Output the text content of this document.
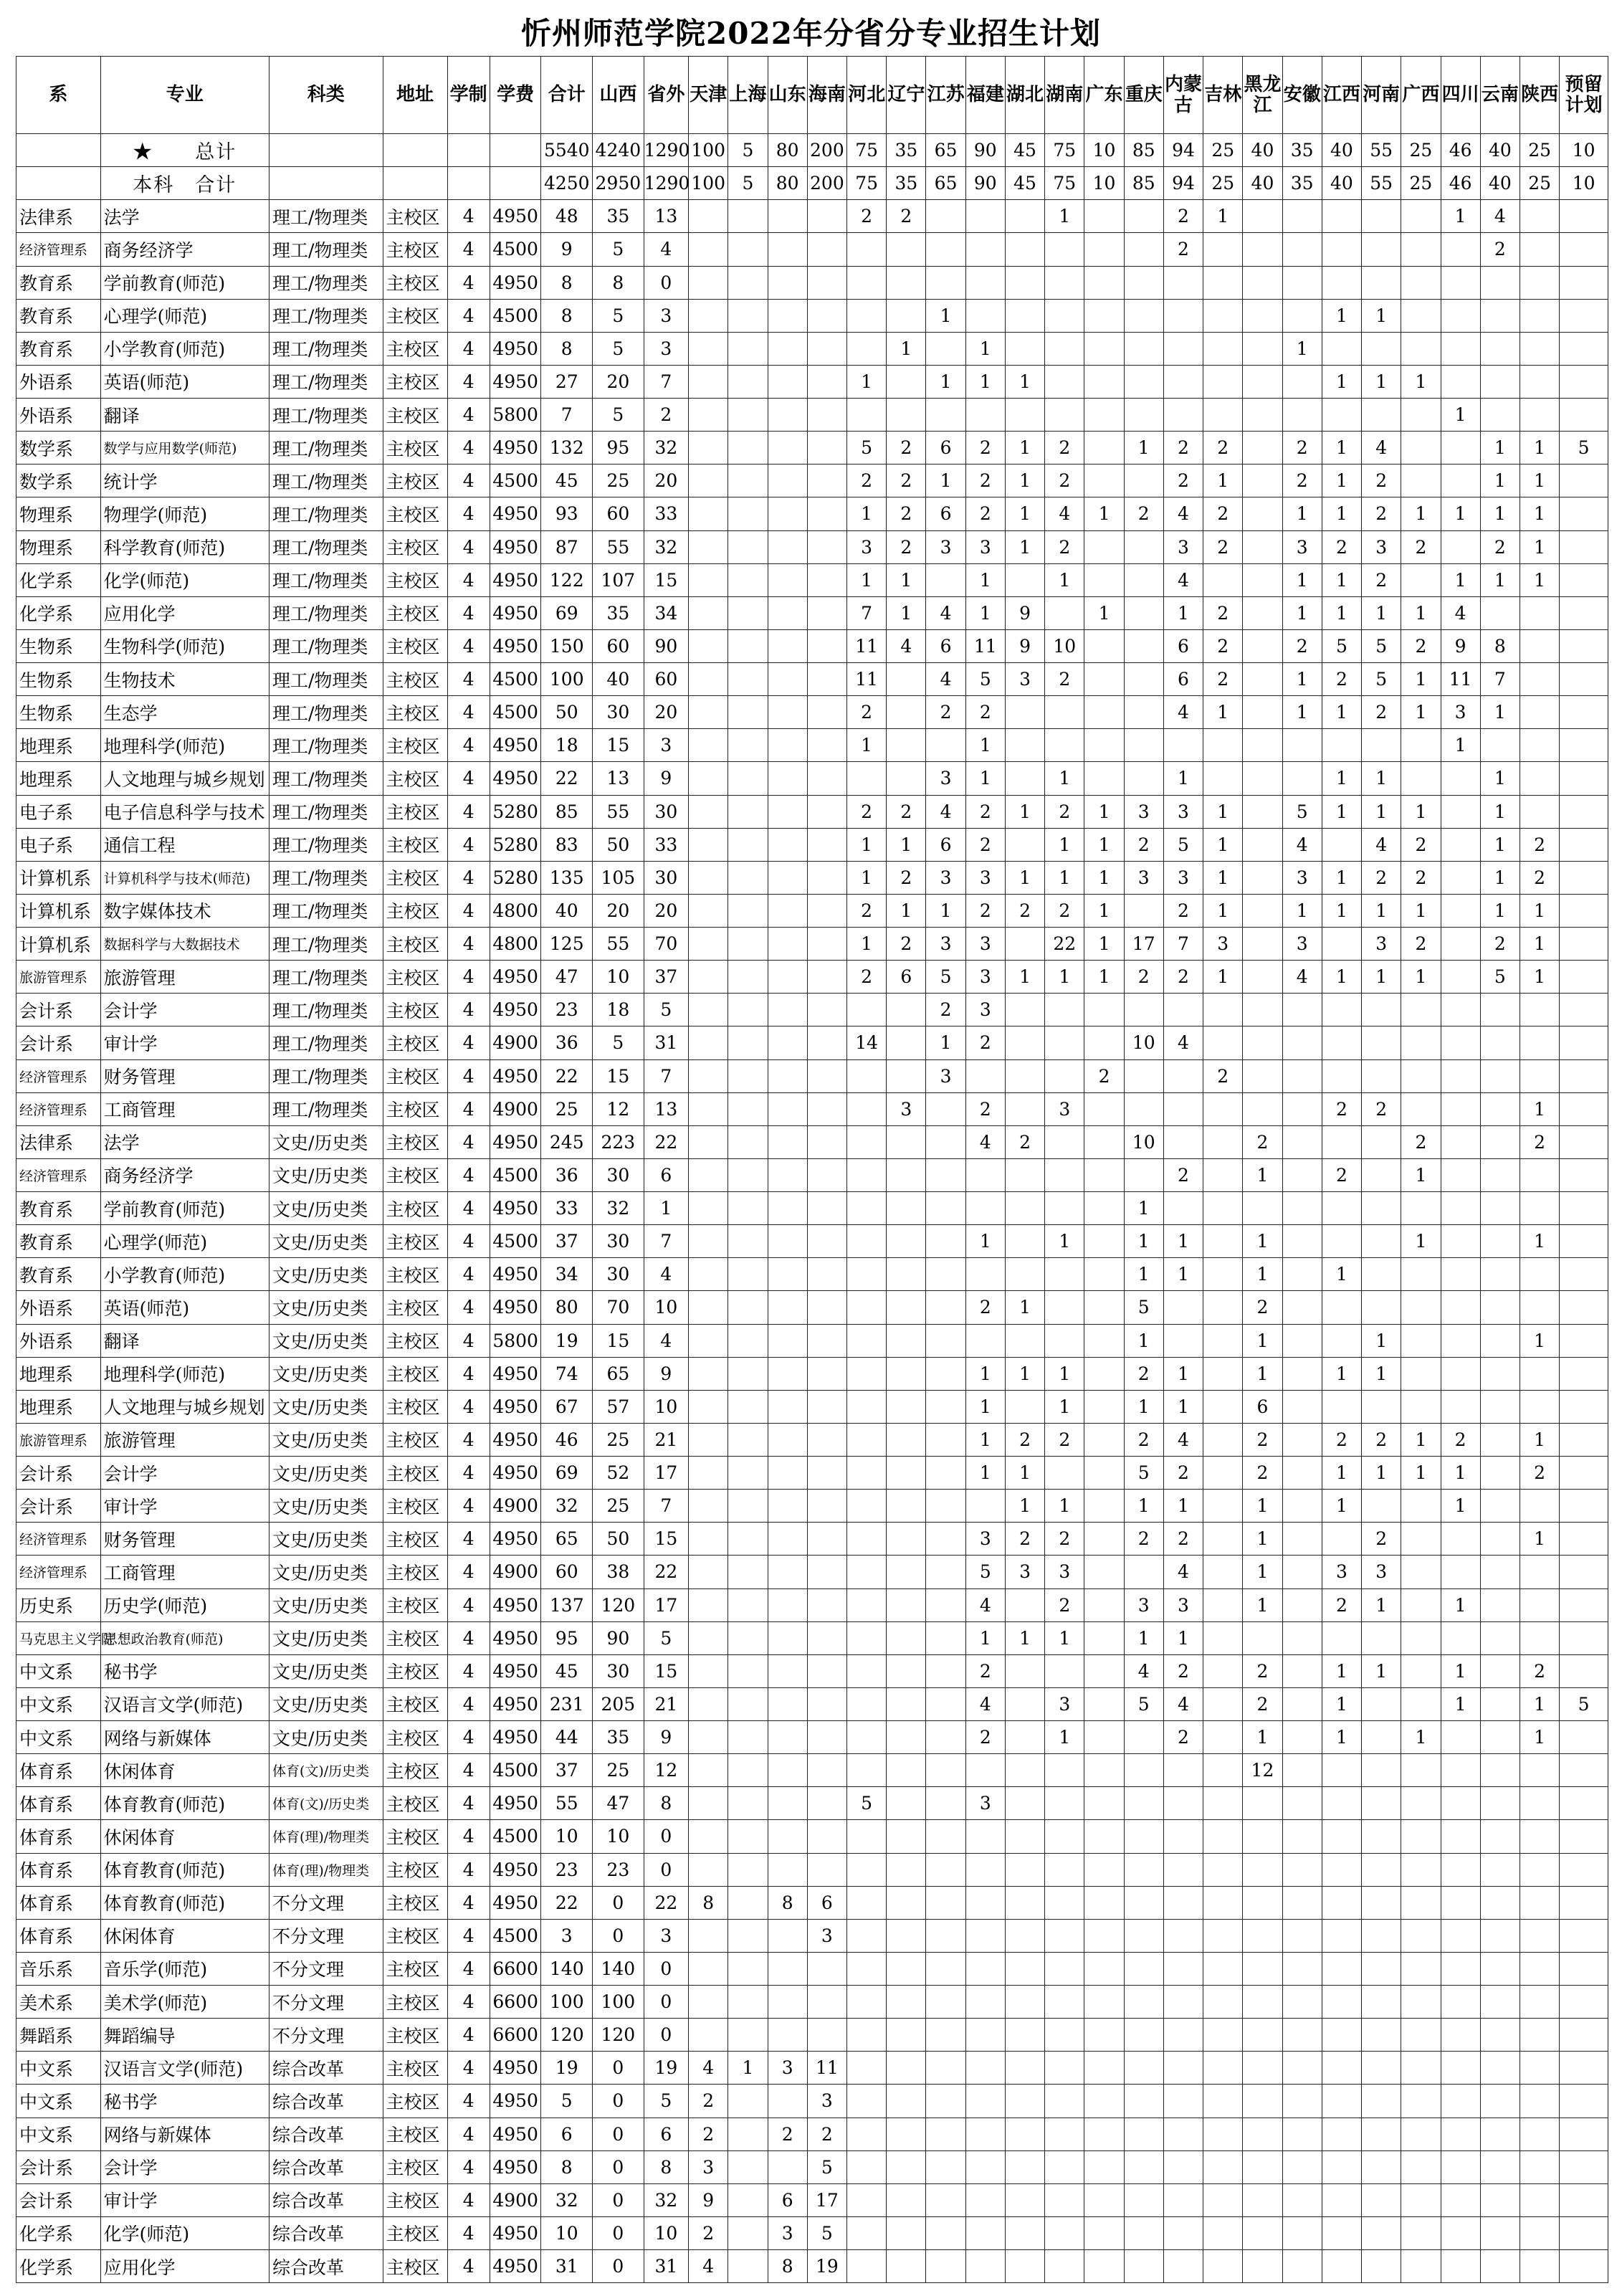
忻州师范学院2022年分省分专业招生计划
系	专业	科类	地址	学制	学费	合计	山西	省外	天津	上海	山东	海南	河北	辽宁	江苏	福建	湖北	湖南	广东	重庆	内蒙古	吉林	黑龙江	安徽	江西	河南	广西	四川	云南	陕西	预留计划
	★　　总计					5540	4240	1290	100	5	80	200	75	35	65	90	45	75	10	85	94	25	40	35	40	55	25	46	40	25	10
	本科　合计					4250	2950	1290	100	5	80	200	75	35	65	90	45	75	10	85	94	25	40	35	40	55	25	46	40	25	10
法律系	法学	理工/物理类	主校区	4	4950	48	35	13					2	2				1			2	1						1	4		
经济管理系	商务经济学	理工/物理类	主校区	4	4500	9	5	4													2								2		
教育系	学前教育(师范)	理工/物理类	主校区	4	4950	8	8	0																							
教育系	心理学(师范)	理工/物理类	主校区	4	4500	8	5	3							1										1	1					
教育系	小学教育(师范)	理工/物理类	主校区	4	4950	8	5	3						1		1								1							
外语系	英语(师范)	理工/物理类	主校区	4	4950	27	20	7					1		1	1	1								1	1	1				
外语系	翻译	理工/物理类	主校区	4	5800	7	5	2																				1			
数学系	数学与应用数学(师范)	理工/物理类	主校区	4	4950	132	95	32					5	2	6	2	1	2		1	2	2		2	1	4			1	1	5
数学系	统计学	理工/物理类	主校区	4	4500	45	25	20					2	2	1	2	1	2			2	1		2	1	2			1	1	
物理系	物理学(师范)	理工/物理类	主校区	4	4950	93	60	33					1	2	6	2	1	4	1	2	4	2		1	1	2	1	1	1	1	
物理系	科学教育(师范)	理工/物理类	主校区	4	4950	87	55	32					3	2	3	3	1	2			3	2		3	2	3	2		2	1	
化学系	化学(师范)	理工/物理类	主校区	4	4950	122	107	15					1	1		1		1			4			1	1	2		1	1	1	
化学系	应用化学	理工/物理类	主校区	4	4950	69	35	34					7	1	4	1	9		1		1	2		1	1	1	1	4			
生物系	生物科学(师范)	理工/物理类	主校区	4	4950	150	60	90					11	4	6	11	9	10			6	2		2	5	5	2	9	8		
生物系	生物技术	理工/物理类	主校区	4	4500	100	40	60					11		4	5	3	2			6	2		1	2	5	1	11	7		
生物系	生态学	理工/物理类	主校区	4	4500	50	30	20					2		2	2					4	1		1	1	2	1	3	1		
地理系	地理科学(师范)	理工/物理类	主校区	4	4950	18	15	3					1			1												1			
地理系	人文地理与城乡规划	理工/物理类	主校区	4	4950	22	13	9							3	1		1			1				1	1			1		
电子系	电子信息科学与技术	理工/物理类	主校区	4	5280	85	55	30					2	2	4	2	1	2	1	3	3	1		5	1	1	1		1		
电子系	通信工程	理工/物理类	主校区	4	5280	83	50	33					1	1	6	2		1	1	2	5	1		4		4	2		1	2	
计算机系	计算机科学与技术(师范)	理工/物理类	主校区	4	5280	135	105	30					1	2	3	3	1	1	1	3	3	1		3	1	2	2		1	2	
计算机系	数字媒体技术	理工/物理类	主校区	4	4800	40	20	20					2	1	1	2	2	2	1		2	1		1	1	1	1		1	1	
计算机系	数据科学与大数据技术	理工/物理类	主校区	4	4800	125	55	70					1	2	3	3		22	1	17	7	3		3		3	2		2	1	
旅游管理系	旅游管理	理工/物理类	主校区	4	4950	47	10	37					2	6	5	3	1	1	1	2	2	1		4	1	1	1		5	1	
会计系	会计学	理工/物理类	主校区	4	4950	23	18	5							2	3															
会计系	审计学	理工/物理类	主校区	4	4900	36	5	31					14		1	2				10	4										
经济管理系	财务管理	理工/物理类	主校区	4	4950	22	15	7							3				2			2									
经济管理系	工商管理	理工/物理类	主校区	4	4900	25	12	13						3		2		3							2	2				1	
法律系	法学	文史/历史类	主校区	4	4950	245	223	22								4	2			10			2				2			2	
经济管理系	商务经济学	文史/历史类	主校区	4	4500	36	30	6													2		1		2		1				
教育系	学前教育(师范)	文史/历史类	主校区	4	4950	33	32	1												1											
教育系	心理学(师范)	文史/历史类	主校区	4	4500	37	30	7								1		1		1	1		1				1			1	
教育系	小学教育(师范)	文史/历史类	主校区	4	4950	34	30	4												1	1		1		1						
外语系	英语(师范)	文史/历史类	主校区	4	4950	80	70	10								2	1			5			2								
外语系	翻译	文史/历史类	主校区	4	5800	19	15	4												1			1			1				1	
地理系	地理科学(师范)	文史/历史类	主校区	4	4950	74	65	9								1	1	1		2	1		1		1	1					
地理系	人文地理与城乡规划	文史/历史类	主校区	4	4950	67	57	10								1		1		1	1		6								
旅游管理系	旅游管理	文史/历史类	主校区	4	4950	46	25	21								1	2	2		2	4		2		2	2	1	2		1	
会计系	会计学	文史/历史类	主校区	4	4950	69	52	17								1	1			5	2		2		1	1	1	1		2	
会计系	审计学	文史/历史类	主校区	4	4900	32	25	7									1	1		1	1		1		1			1			
经济管理系	财务管理	文史/历史类	主校区	4	4950	65	50	15								3	2	2		2	2		1			2				1	
经济管理系	工商管理	文史/历史类	主校区	4	4900	60	38	22								5	3	3			4		1		3	3					
历史系	历史学(师范)	文史/历史类	主校区	4	4950	137	120	17								4		2		3	3		1		2	1		1			
马克思主义学院	思想政治教育(师范)	文史/历史类	主校区	4	4950	95	90	5								1	1	1		1	1										
中文系	秘书学	文史/历史类	主校区	4	4950	45	30	15								2				4	2		2		1	1		1		2	
中文系	汉语言文学(师范)	文史/历史类	主校区	4	4950	231	205	21								4		3		5	4		2		1			1		1	5
中文系	网络与新媒体	文史/历史类	主校区	4	4950	44	35	9								2		1			2		1		1		1			1	
体育系	休闲体育	体育(文)/历史类	主校区	4	4500	37	25	12															12								
体育系	体育教育(师范)	体育(文)/历史类	主校区	4	4950	55	47	8					5			3															
体育系	休闲体育	体育(理)/物理类	主校区	4	4500	10	10	0																							
体育系	体育教育(师范)	体育(理)/物理类	主校区	4	4950	23	23	0																							
体育系	体育教育(师范)	不分文理	主校区	4	4950	22	0	22	8		8	6																			
体育系	休闲体育	不分文理	主校区	4	4500	3	0	3				3																			
音乐系	音乐学(师范)	不分文理	主校区	4	6600	140	140	0																							
美术系	美术学(师范)	不分文理	主校区	4	6600	100	100	0																							
舞蹈系	舞蹈编导	不分文理	主校区	4	6600	120	120	0																							
中文系	汉语言文学(师范)	综合改革	主校区	4	4950	19	0	19	4	1	3	11																			
中文系	秘书学	综合改革	主校区	4	4950	5	0	5	2			3																			
中文系	网络与新媒体	综合改革	主校区	4	4950	6	0	6	2		2	2																			
会计系	会计学	综合改革	主校区	4	4950	8	0	8	3			5																			
会计系	审计学	综合改革	主校区	4	4900	32	0	32	9		6	17																			
化学系	化学(师范)	综合改革	主校区	4	4950	10	0	10	2		3	5																			
化学系	应用化学	综合改革	主校区	4	4950	31	0	31	4		8	19																			
